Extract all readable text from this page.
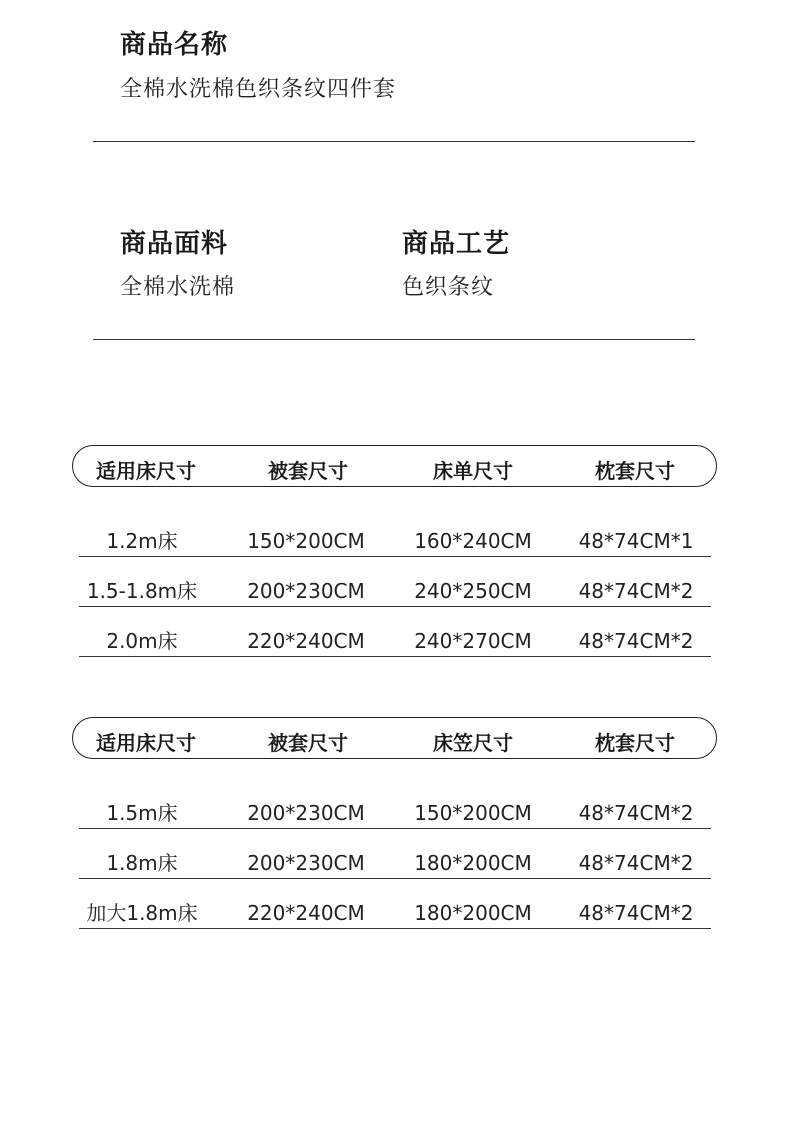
商品名称
全棉水洗棉色织条纹四件套
商品面料
全棉水洗棉
商品工艺
色织条纹
适用床尺寸	被套尺寸	床单尺寸	枕套尺寸
1.2m床	150*200CM 160*240CM 48*74CM*1
1.5-1.8m床	200*230CM 240*250CM 48*74CM*2
2.0m床	220*240CM 240*270CM 48*74CM*2
适用床尺寸	被套尺寸	床笠尺寸	枕套尺寸
1.5m床	200*230CM 150*200CM 48*74CM*2
1.8m床	200*230CM 180*200CM 48*74CM*2
加大1.8m床 220*240CM 180*200CM 48*74CM*2
